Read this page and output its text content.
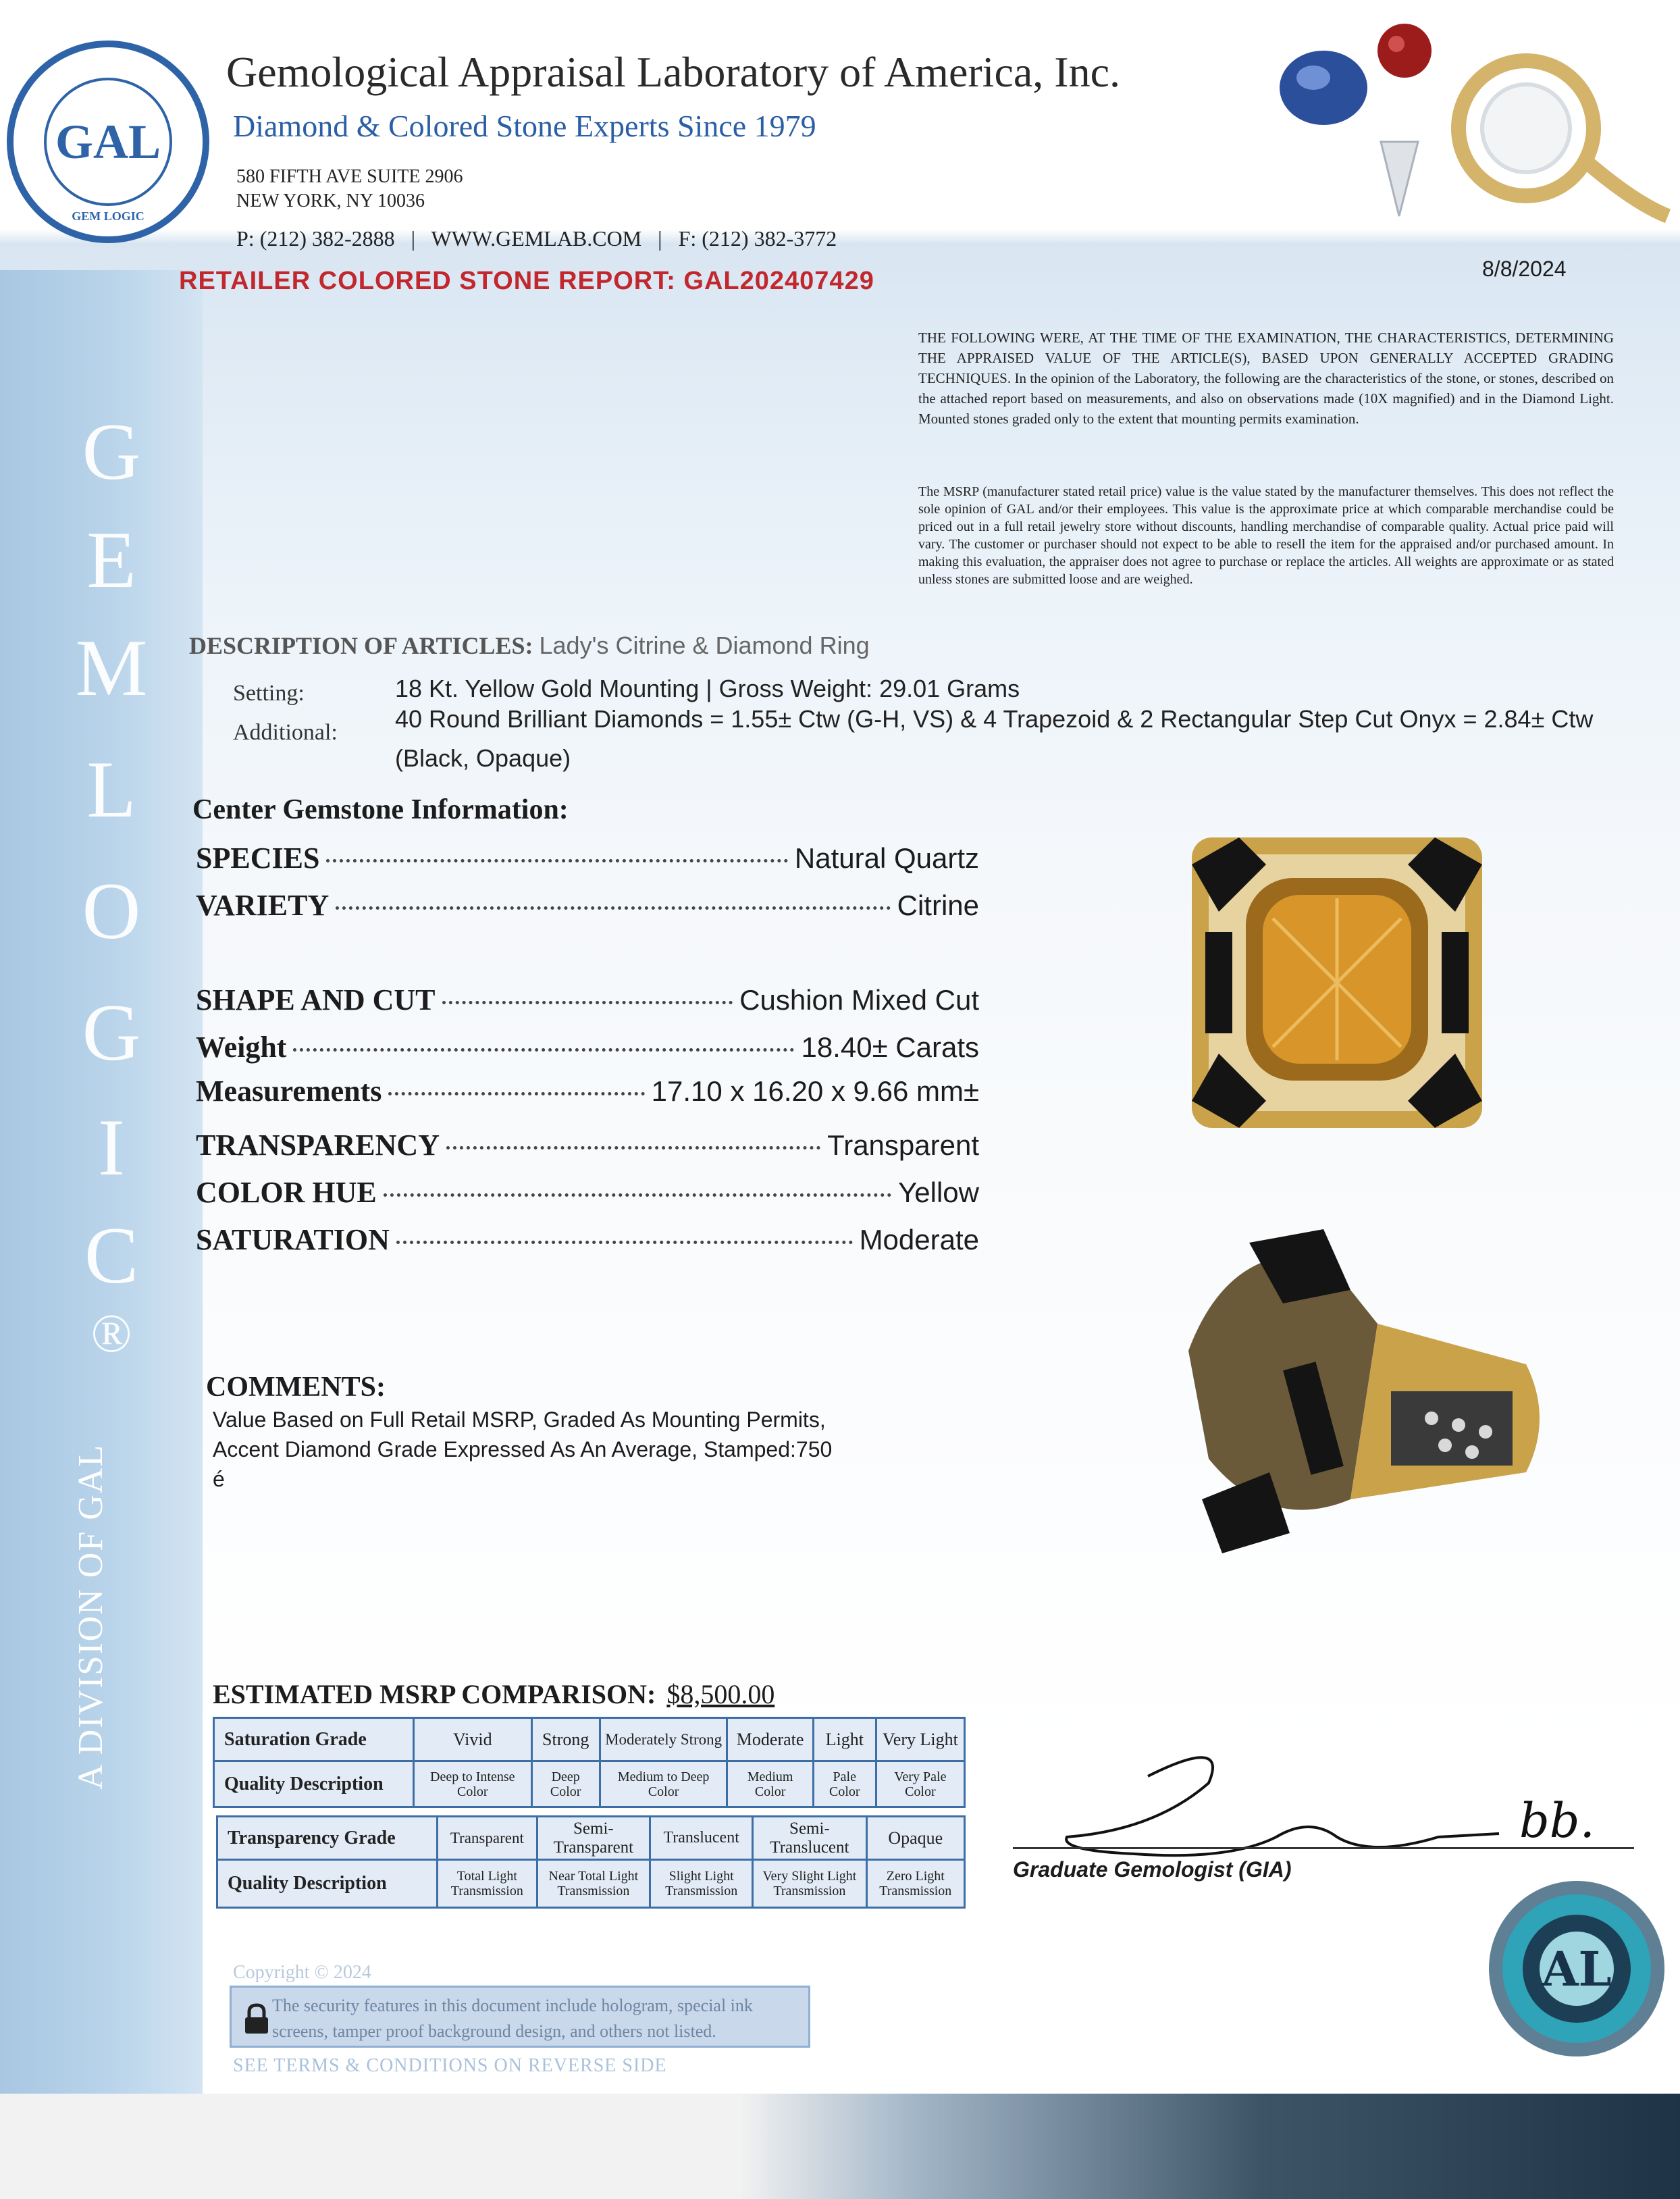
G
E
M
L
O
G
I
C
®
A DIVISION OF GAL
GAL
GEM LOGIC
Gemological Appraisal Laboratory of America, Inc.
Diamond & Colored Stone Experts Since 1979
580 FIFTH AVE SUITE 2906
NEW YORK, NY 10036
P: (212) 382-2888   |   WWW.GEMLAB.COM   |   F: (212) 382-3772
RETAILER COLORED STONE REPORT: GAL202407429	8/8/2024
THE FOLLOWING WERE, AT THE TIME OF THE EXAMINATION, THE CHARACTERISTICS, DETERMINING THE APPRAISED VALUE OF THE ARTICLE(S), BASED UPON GENERALLY ACCEPTED GRADING TECHNIQUES. In the opinion of the Laboratory, the following are the characteristics of the stone, or stones, described on the attached report based on measurements, and also on observations made (10X magnified) and in the Diamond Light. Mounted stones graded only to the extent that mounting permits examination.
The MSRP (manufacturer stated retail price) value is the value stated by the manufacturer themselves. This does not reflect the sole opinion of GAL and/or their employees. This value is the approximate price at which comparable merchandise could be priced out in a full retail jewelry store without discounts, handling merchandise of comparable quality. Actual price paid will vary. The customer or purchaser should not expect to be able to resell the item for the appraised and/or purchased amount. In making this evaluation, the appraiser does not agree to purchase or replace the articles. All weights are approximate or as stated unless stones are submitted loose and are weighed.
DESCRIPTION OF ARTICLES: Lady's Citrine & Diamond Ring
Setting:	18 Kt. Yellow Gold Mounting | Gross Weight: 29.01 Grams
Additional: 40 Round Brilliant Diamonds = 1.55± Ctw (G-H, VS) & 4 Trapezoid & 2 Rectangular Step Cut Onyx = 2.84± Ctw (Black, Opaque)
Center Gemstone Information:
SPECIES	Natural Quartz
VARIETY	Citrine
SHAPE AND CUT	Cushion Mixed Cut
Weight	18.40± Carats
Measurements	17.10 x 16.20 x 9.66 mm±
TRANSPARENCY	Transparent
COLOR HUE	Yellow
SATURATION	Moderate
COMMENTS:
Value Based on Full Retail MSRP, Graded As Mounting Permits,
Accent Diamond Grade Expressed As An Average, Stamped:750
é
ESTIMATED MSRP COMPARISON: $8,500.00
Saturation Grade	Vivid	Strong	Moderately Strong	Moderate	Light	Very Light
Quality Description	Deep to Intense Color	Deep Color	Medium to Deep Color	Medium Color	Pale Color	Very Pale Color
Transparency Grade	Transparent	Semi-Transparent	Translucent	Semi-Translucent	Opaque
Quality Description	Total Light Transmission	Near Total Light Transmission	Slight Light Transmission	Very Slight Light Transmission	Zero Light Transmission
bb.
Graduate Gemologist (GIA)
AL
Copyright © 2024
The security features in this document include hologram, special ink screens, tamper proof background design, and others not listed.
SEE TERMS & CONDITIONS ON REVERSE SIDE
